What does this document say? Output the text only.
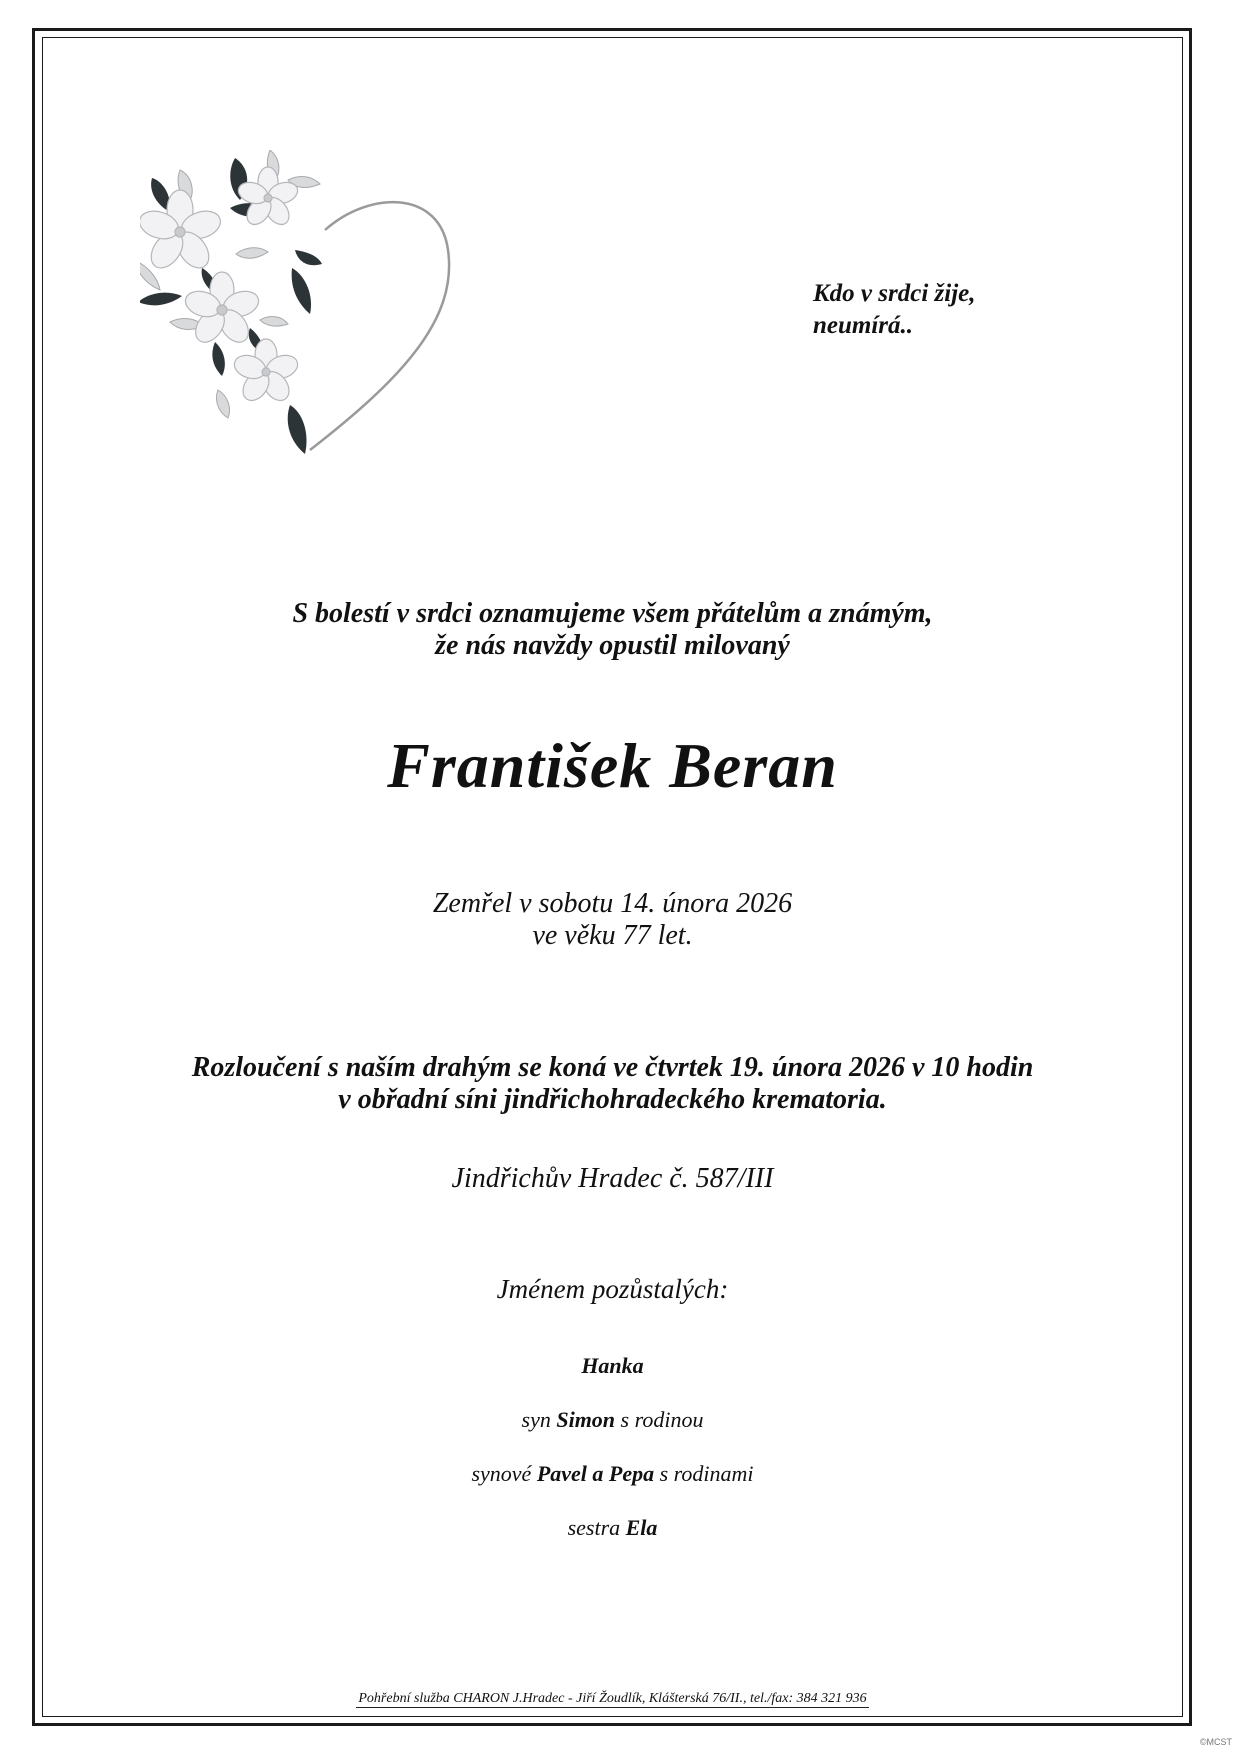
Kdo v srdci žije,
neumírá..
S bolestí v srdci oznamujeme všem přátelům a známým,
že nás navždy opustil milovaný
František Beran
Zemřel v sobotu 14. února 2026
ve věku 77 let.
Rozloučení s naším drahým se koná ve čtvrtek 19. února 2026 v 10 hodin
v obřadní síni jindřichohradeckého krematoria.
Jindřichův Hradec č. 587/III
Jménem pozůstalých:
Hanka
syn Simon s rodinou
synové Pavel a Pepa s rodinami
sestra Ela
Pohřební služba CHARON J.Hradec - Jiří Žoudlík, Klášterská 76/II., tel./fax: 384 321 936
©MCST
